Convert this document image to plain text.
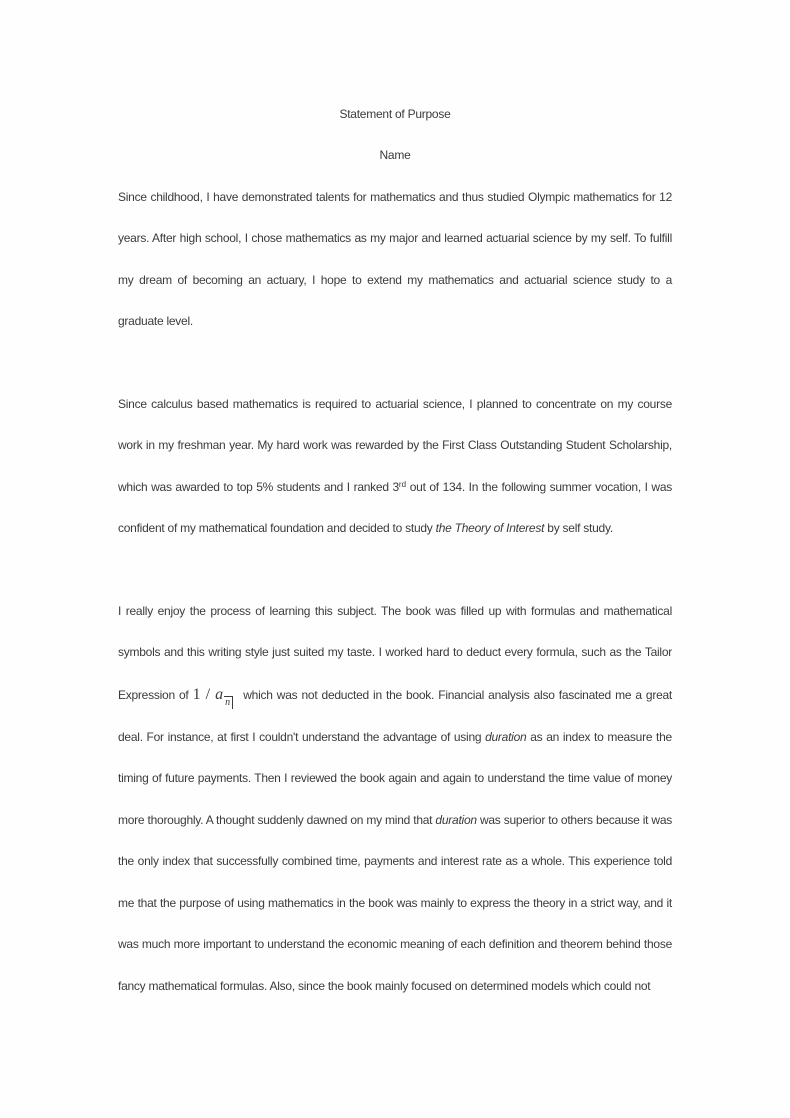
Statement of Purpose

Name

Since childhood, I have demonstrated talents for mathematics and thus studied Olympic mathematics for 12 years. After high school, I chose mathematics as my major and learned actuarial science by my self. To fulfill my dream of becoming an actuary, I hope to extend my mathematics and actuarial science study to a graduate level.

Since calculus based mathematics is required to actuarial science, I planned to concentrate on my course work in my freshman year. My hard work was rewarded by the First Class Outstanding Student Scholarship, which was awarded to top 5% students and I ranked 3rd out of 134. In the following summer vocation, I was confident of my mathematical foundation and decided to study the Theory of Interest by self study.

I really enjoy the process of learning this subject. The book was filled up with formulas and mathematical symbols and this writing style just suited my taste. I worked hard to deduct every formula, such as the Tailor Expression of 1 / a $_n$ which was not deducted in the book. Financial analysis also fascinated me a great deal. For instance, at first I couldn't understand the advantage of using duration as an index to measure the timing of future payments. Then I reviewed the book again and again to understand the time value of money more thoroughly. A thought suddenly dawned on my mind that duration was superior to others because it was the only index that successfully combined time, payments and interest rate as a whole. This experience told me that the purpose of using mathematics in the book was mainly to express the theory in a strict way, and it was much more important to understand the economic meaning of each definition and theorem behind those fancy mathematical formulas. Also, since the book mainly focused on determined models which could not
